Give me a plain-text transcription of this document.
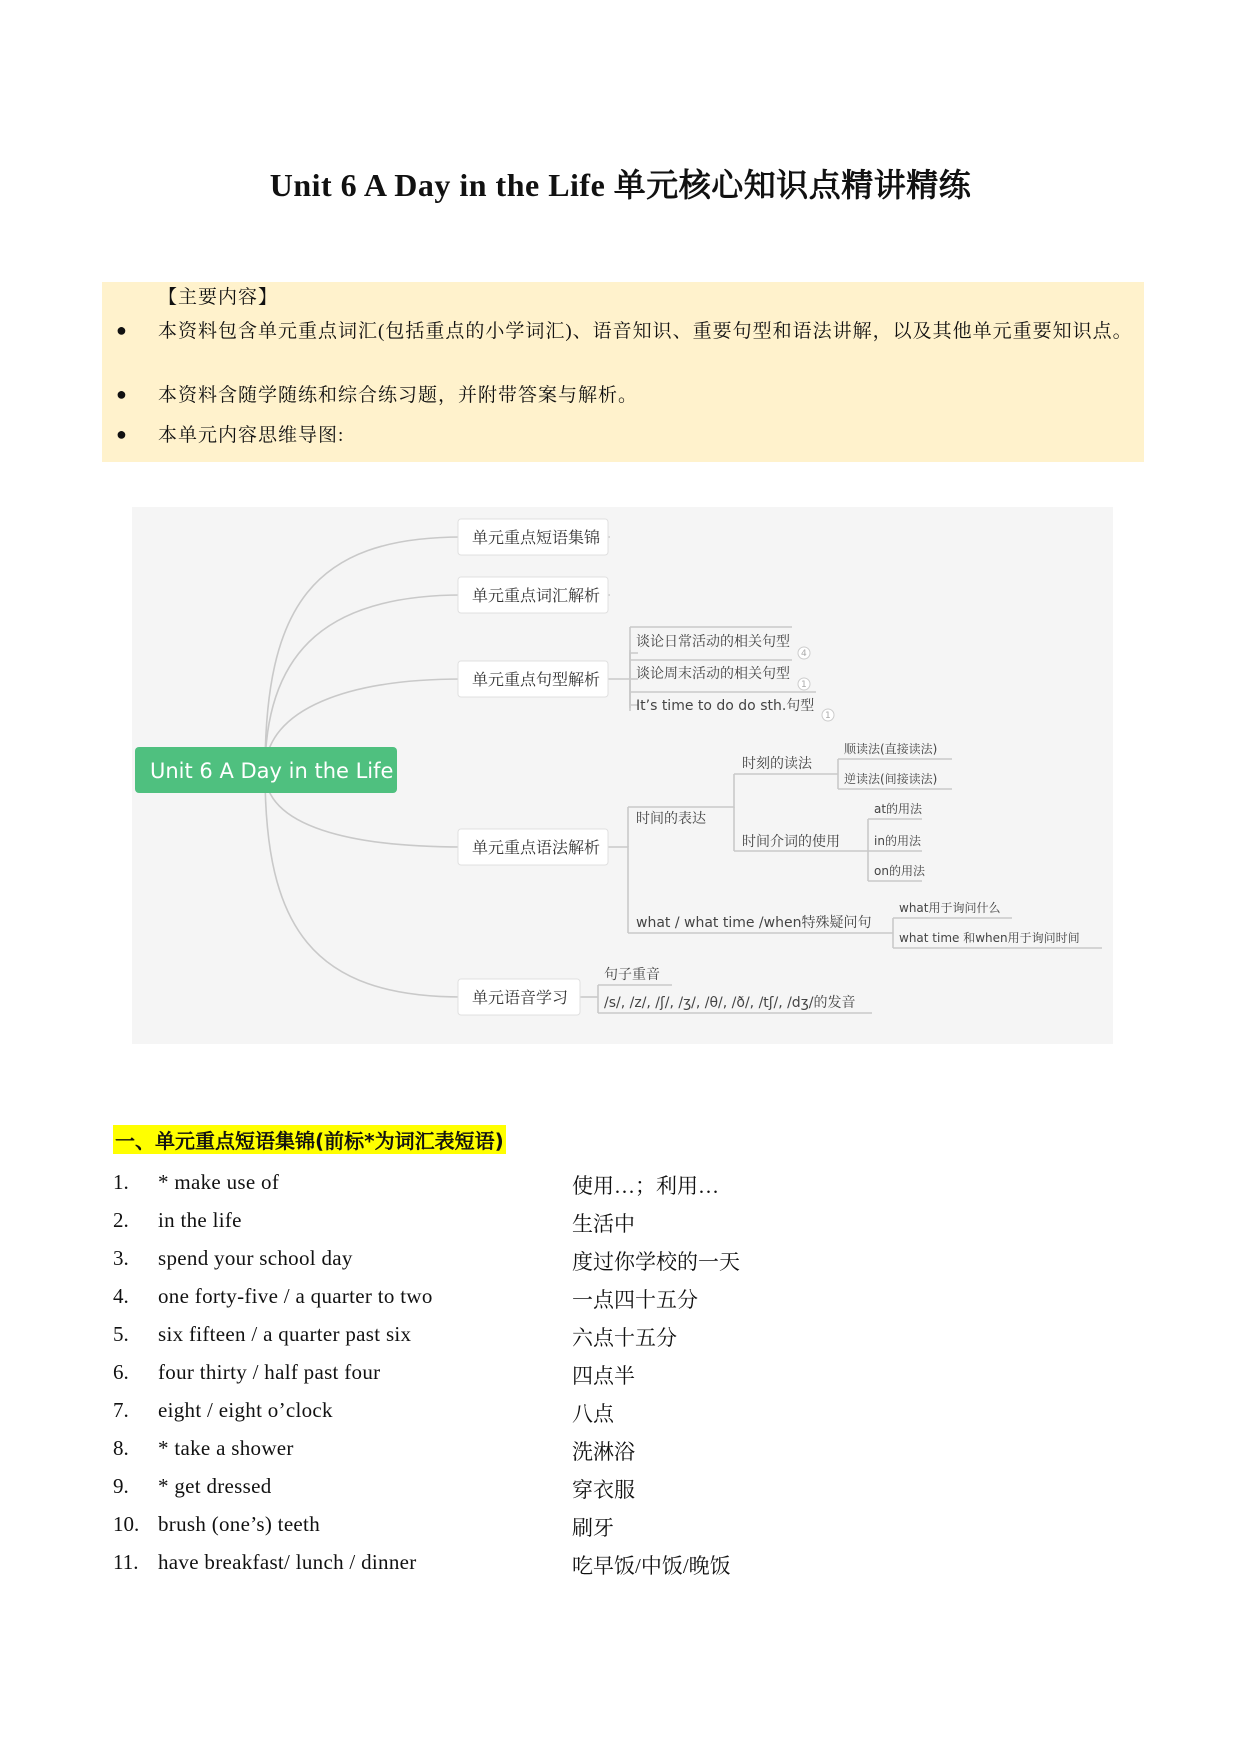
Unit 6 A Day in the Life 单元核心知识点精讲精练
【主要内容】
● 本资料包含单元重点词汇(包括重点的小学词汇)、语音知识、重要句型和语法讲解，以及其他单元重要知识点。
● 本资料含随学随练和综合练习题，并附带答案与解析。
● 本单元内容思维导图:
Unit 6 A Day in the Life
单元重点短语集锦
单元重点词汇解析
单元重点句型解析
单元重点语法解析
单元语音学习
谈论日常活动的相关句型
谈论周末活动的相关句型
It’s time to do do sth.句型
4
1
1
时间的表达
时刻的读法
时间介词的使用
what / what time /when特殊疑问句
顺读法(直接读法)
逆读法(间接读法)
at的用法
in的用法
on的用法
what用于询问什么
what time 和when用于询问时间
句子重音
/s/, /z/, /ʃ/, /ʒ/, /θ/, /ð/, /tʃ/, /dʒ/的发音
一、单元重点短语集锦(前标*为词汇表短语)
1. * make use of	使用…；利用…
2. in the life	生活中
3. spend your school day	度过你学校的一天
4. one forty-five / a quarter to two	一点四十五分
5. six fifteen / a quarter past six	六点十五分
6. four thirty / half past four	四点半
7. eight / eight o’clock	八点
8. * take a shower	洗淋浴
9. * get dressed	穿衣服
10. brush (one’s) teeth	刷牙
11. have breakfast/ lunch / dinner	吃早饭/中饭/晚饭
